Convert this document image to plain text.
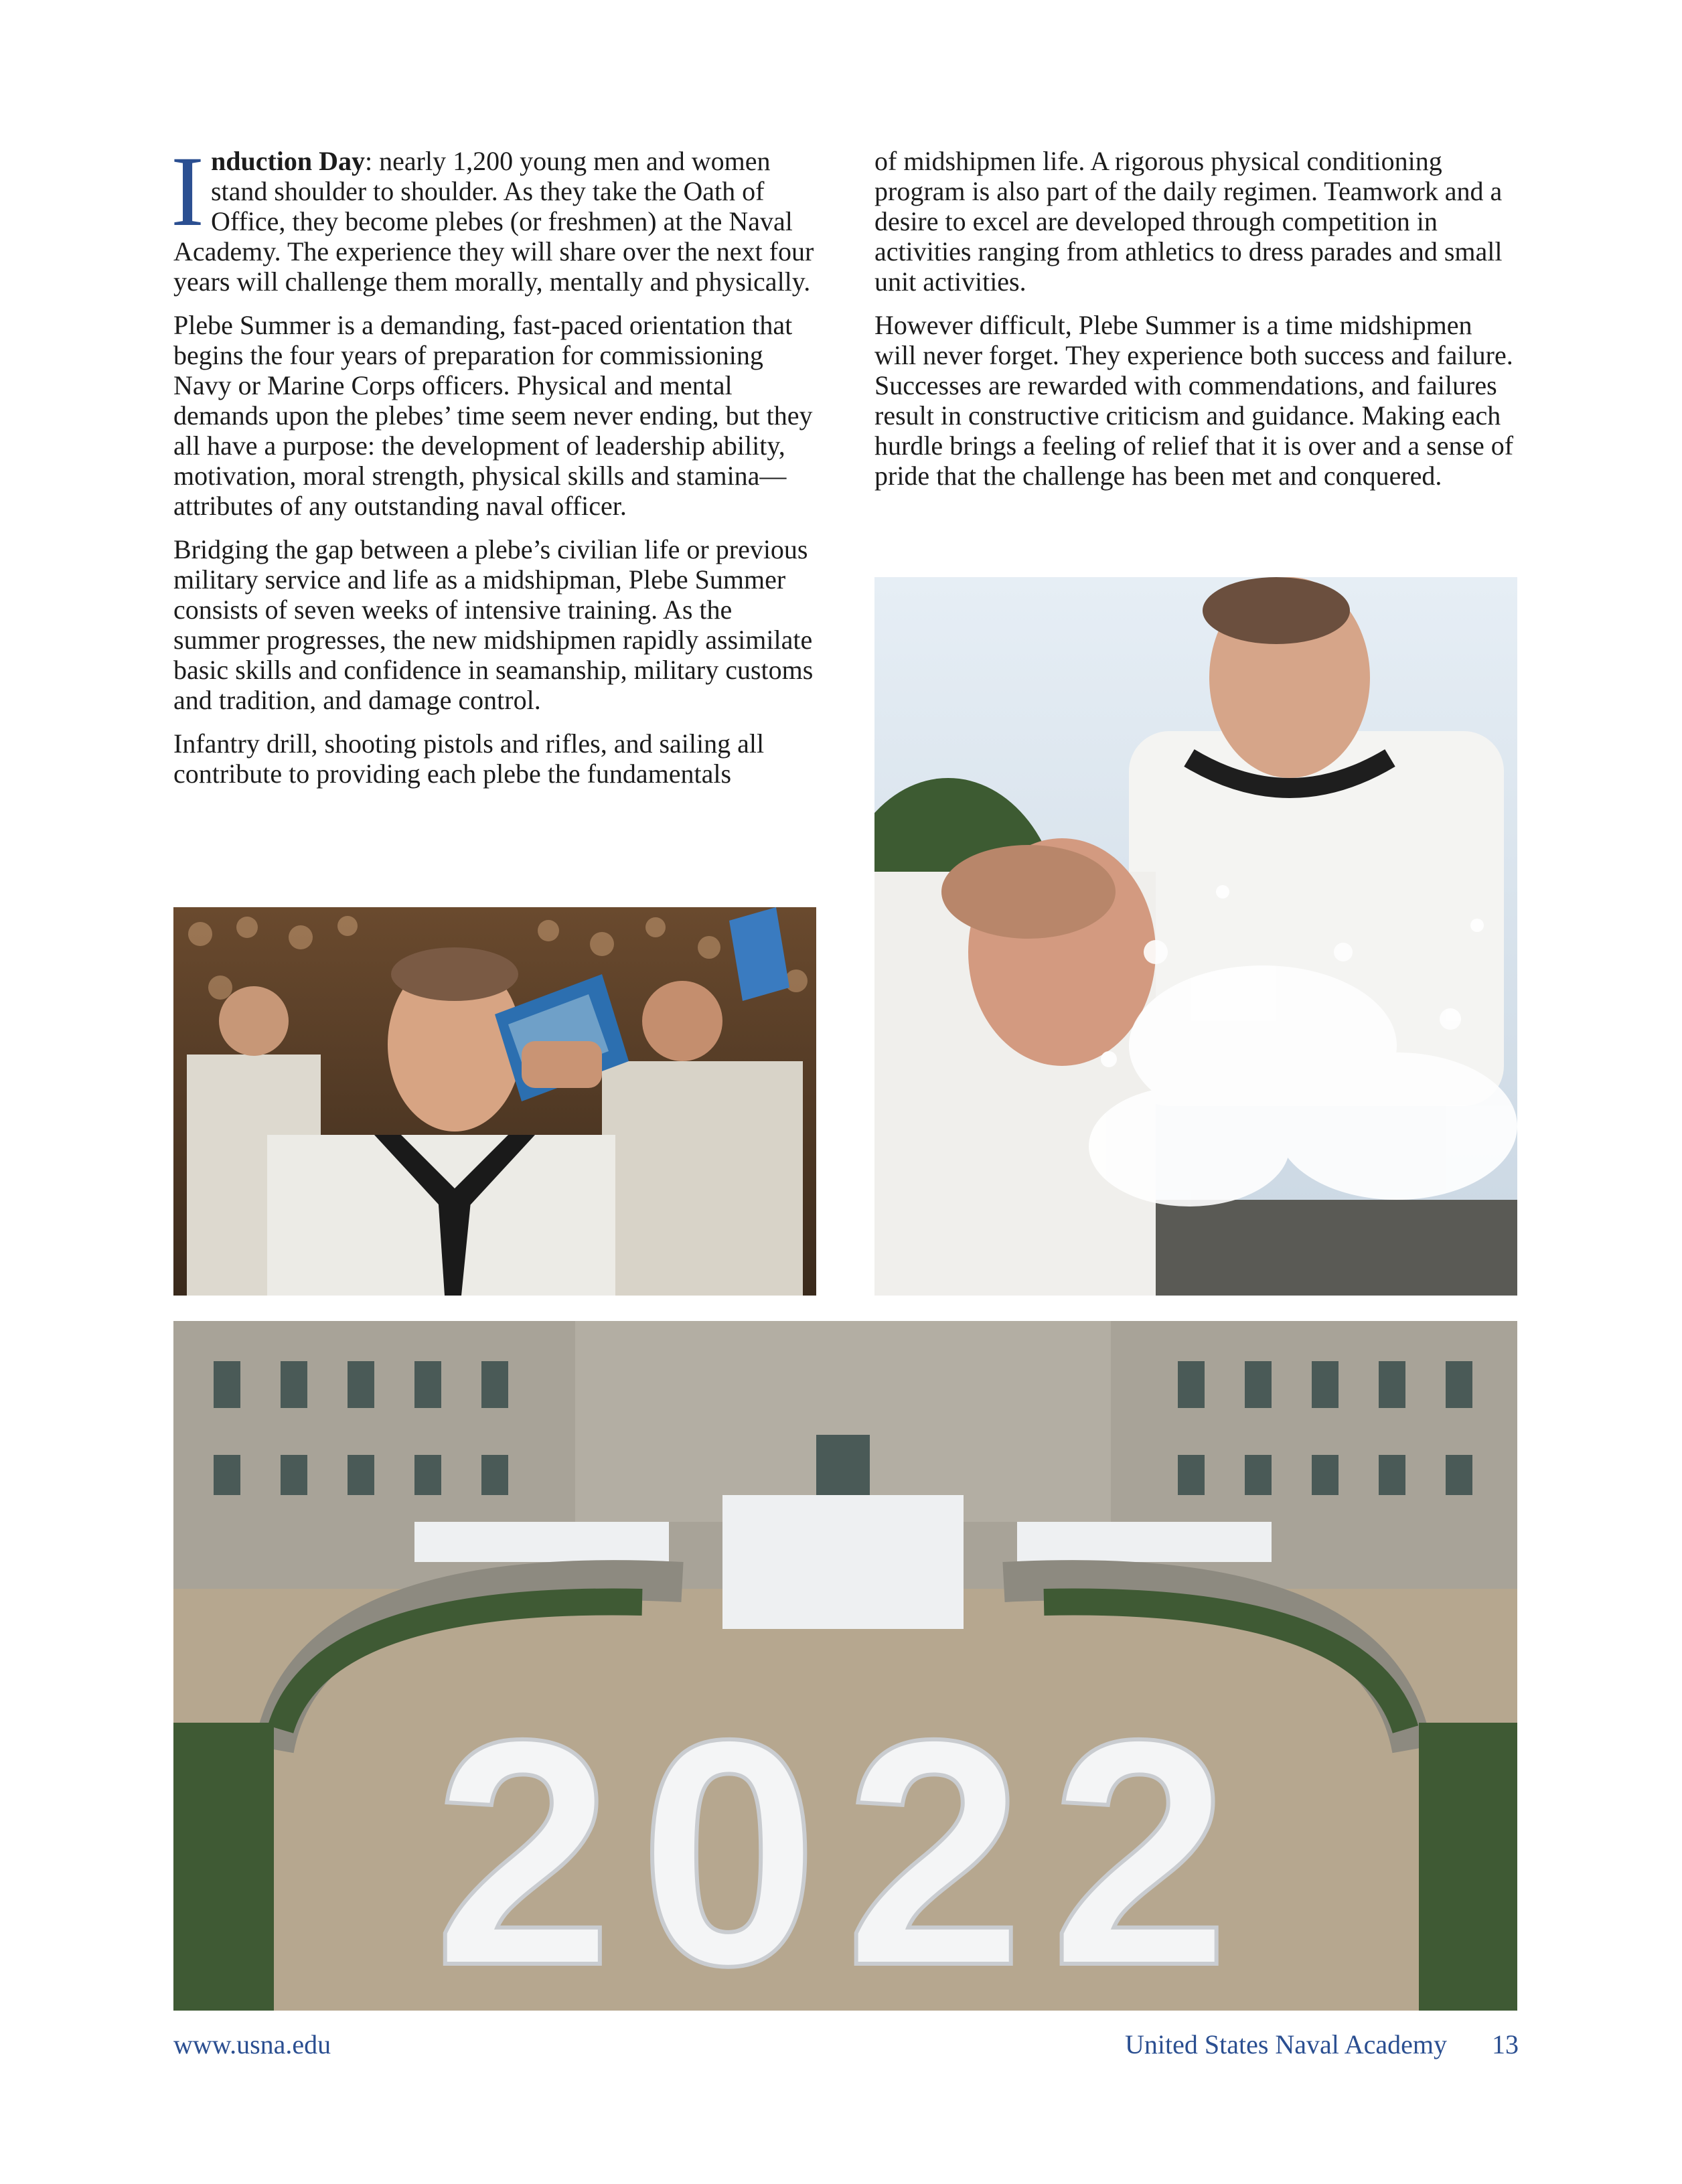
Induction Day: nearly 1,200 young men and women stand shoulder to shoulder. As they take the Oath of Office, they become plebes (or freshmen) at the Naval Academy. The experience they will share over the next four years will challenge them morally, mentally and physically.

Plebe Summer is a demanding, fast-paced orientation that begins the four years of preparation for commissioning Navy or Marine Corps officers. Physical and mental demands upon the plebes’ time seem never ending, but they all have a purpose: the development of leadership ability, motivation, moral strength, physical skills and stamina—attributes of any outstanding naval officer.

Bridging the gap between a plebe’s civilian life or previous military service and life as a midshipman, Plebe Summer consists of seven weeks of intensive training. As the summer progresses, the new midshipmen rapidly assimilate basic skills and confidence in seamanship, military customs and tradition, and damage control.

Infantry drill, shooting pistols and rifles, and sailing all contribute to providing each plebe the fundamentals

of midshipmen life. A rigorous physical conditioning program is also part of the daily regimen. Teamwork and a desire to excel are developed through competition in activities ranging from athletics to dress parades and small unit activities.

However difficult, Plebe Summer is a time midshipmen will never forget. They experience both success and failure. Successes are rewarded with commendations, and failures result in constructive criticism and guidance. Making each hurdle brings a feeling of relief that it is over and a sense of pride that the challenge has been met and conquered.

2022
www.usna.edu	United States Naval Academy 13
